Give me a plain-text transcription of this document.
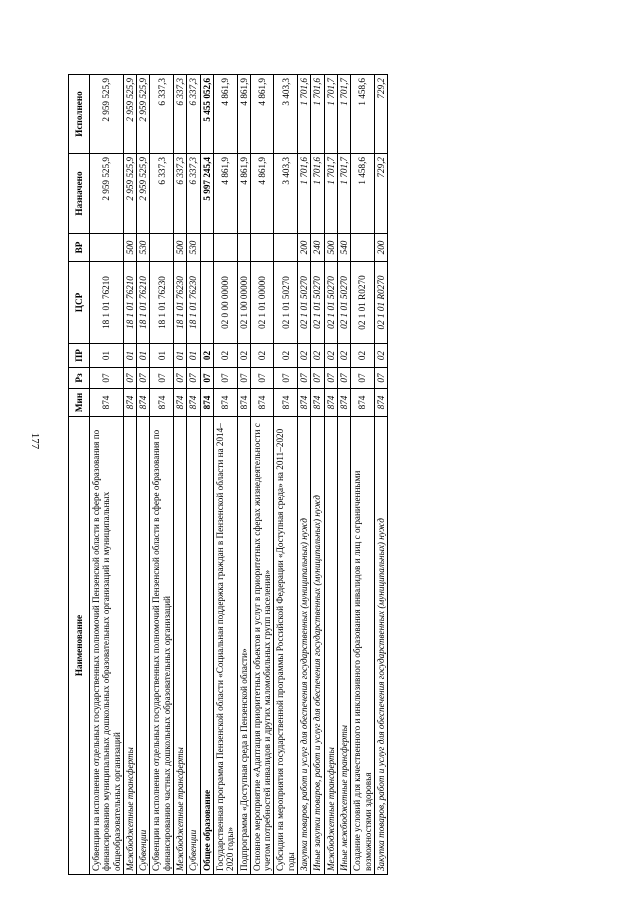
177
Наименование	Мин	Рз	ПР	ЦСР	ВР	Назначено	Исполнено
Субвенции на исполнение отдельных государственных полномочий Пензенской области в сфере образования по финансированию муниципальных дошкольных образовательных организаций и муниципальных общеобразовательных организаций	874	07	01	18 1 01 76210		2 959 525,9	2 959 525,9
Межбюджетные трансферты	874	07	01	18 1 01 76210	500	2 959 525,9	2 959 525,9
Субвенции	874	07	01	18 1 01 76210	530	2 959 525,9	2 959 525,9
Субвенции на исполнение отдельных государственных полномочий Пензенской области в сфере образования по финансированию частных дошкольных образовательных организаций	874	07	01	18 1 01 76230		6 337,3	6 337,3
Межбюджетные трансферты	874	07	01	18 1 01 76230	500	6 337,3	6 337,3
Субвенции	874	07	01	18 1 01 76230	530	6 337,3	6 337,3
Общее образование	874	07	02			5 997 245,4	5 455 052,6
Государственная программа Пензенской области «Социальная поддержка граждан в Пензенской области на 2014–2020 годы»	874	07	02	02 0 00 00000		4 861,9	4 861,9
Подпрограмма «Доступная среда в Пензенской области»	874	07	02	02 1 00 00000		4 861,9	4 861,9
Основное мероприятие «Адаптация приоритетных объектов и услуг в приоритетных сферах жизнедеятельности с учетом потребностей инвалидов и других маломобильных групп населения»	874	07	02	02 1 01 00000		4 861,9	4 861,9
Субсидии на мероприятия государственной программы Российской Федерации «Доступная среда» на 2011–2020 годы	874	07	02	02 1 01 50270		3 403,3	3 403,3
Закупка товаров, работ и услуг для обеспечения государственных (муниципальных) нужд	874	07	02	02 1 01 50270	200	1 701,6	1 701,6
Иные закупки товаров, работ и услуг для обеспечения государственных (муниципальных) нужд	874	07	02	02 1 01 50270	240	1 701,6	1 701,6
Межбюджетные трансферты	874	07	02	02 1 01 50270	500	1 701,7	1 701,7
Иные межбюджетные трансферты	874	07	02	02 1 01 50270	540	1 701,7	1 701,7
Создание условий для качественного и инклюзивного образования инвалидов и лиц с ограниченными возможностями здоровья	874	07	02	02 1 01 R0270		1 458,6	1 458,6
Закупка товаров, работ и услуг для обеспечения государственных (муниципальных) нужд	874	07	02	02 1 01 R0270	200	729,2	729,2
